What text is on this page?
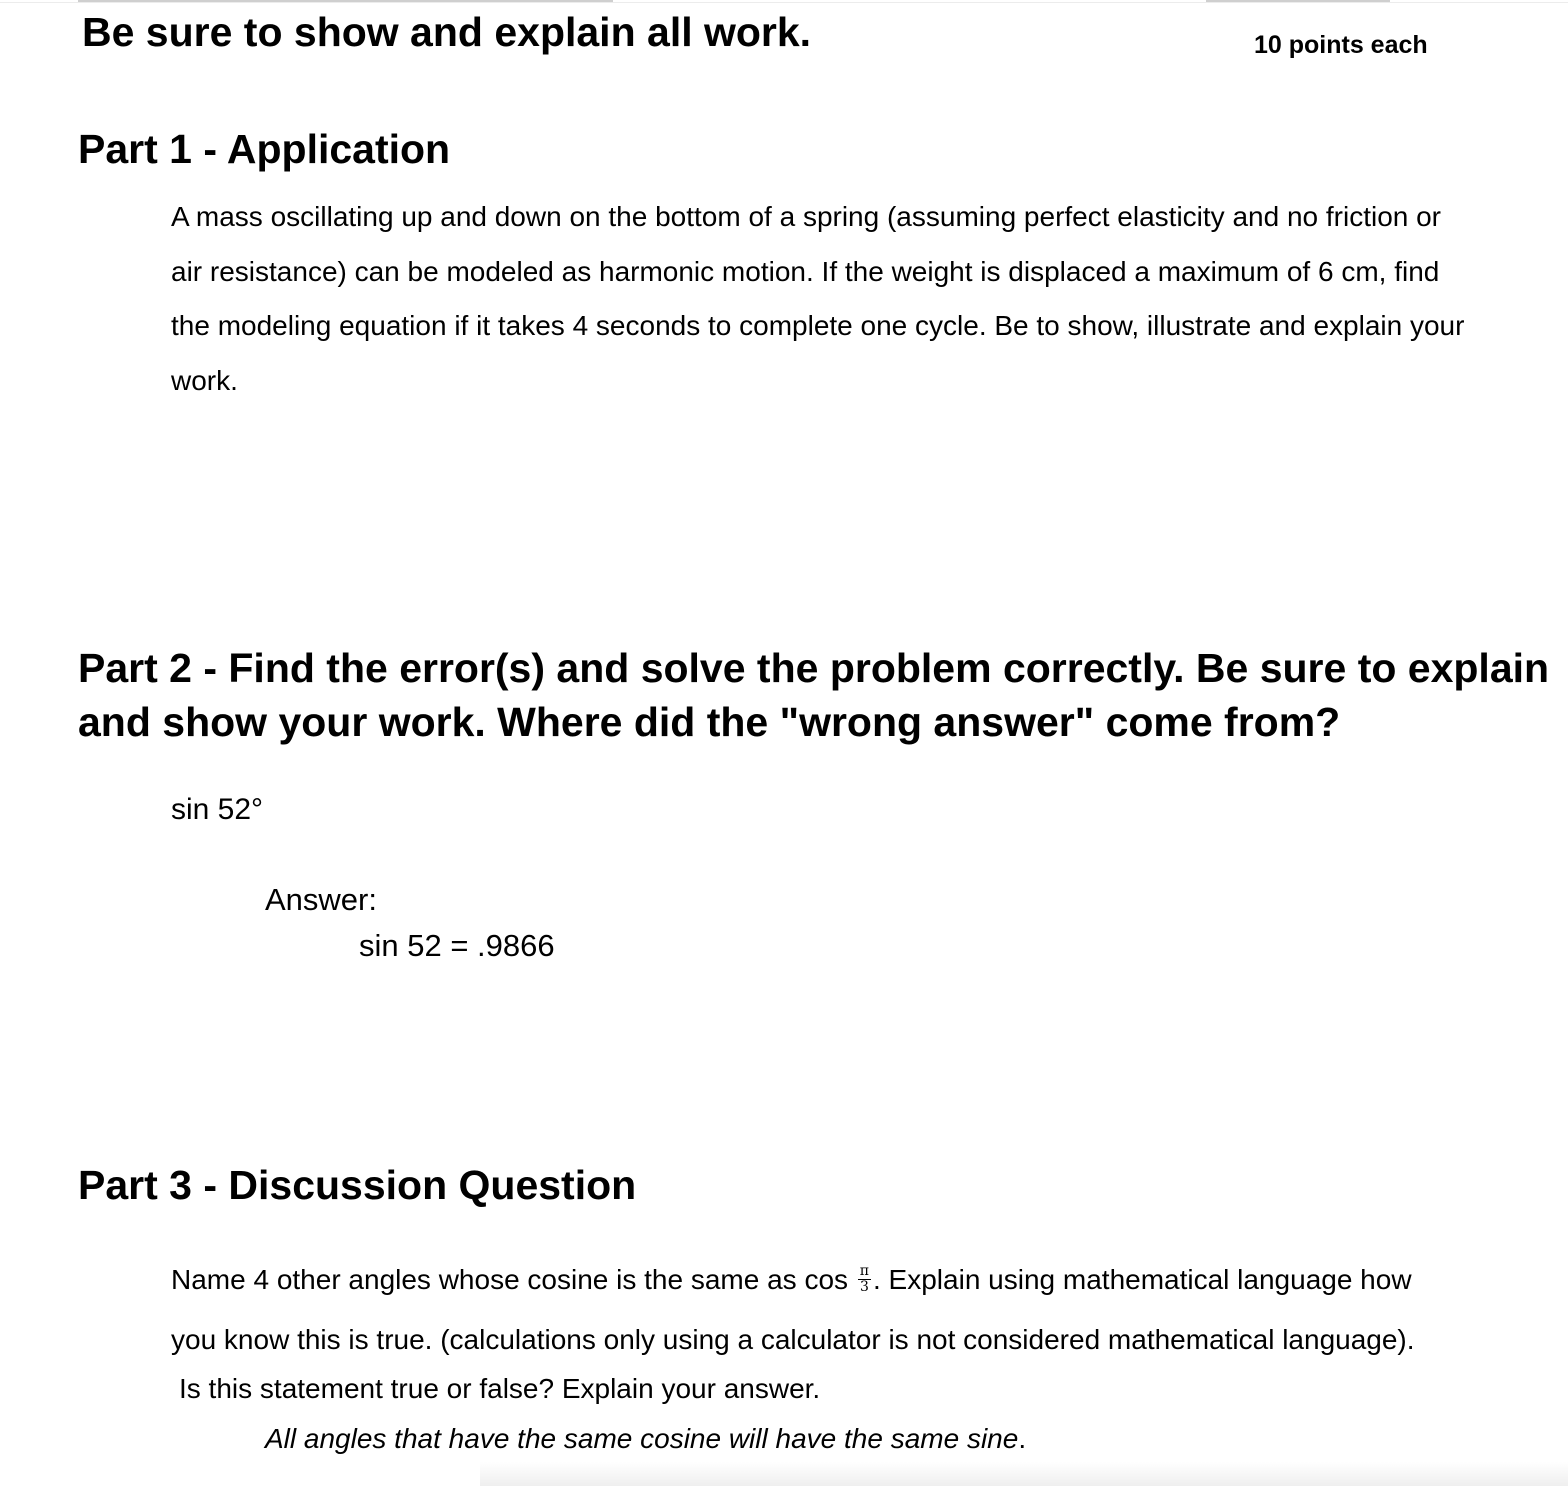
Be sure to show and explain all work.	10 points each
Part 1 - Application

A mass oscillating up and down on the bottom of a spring (assuming perfect elasticity and no friction or air resistance) can be modeled as harmonic motion. If the weight is displaced a maximum of 6 cm, find the modeling equation if it takes 4 seconds to complete one cycle. Be to show, illustrate and explain your work.

Part 2 - Find the error(s) and solve the problem correctly. Be sure to explain and show your work. Where did the "wrong answer" come from?
sin 52°
Answer:
sin 52 = .9866
Part 3 - Discussion Question
Name 4 other angles whose cosine is the same as $\cos \frac{\pi}{3}$ . Explain using mathematical language how
you know this is true. (calculations only using a calculator is not considered mathematical language).
Is this statement true or false? Explain your answer.
All angles that have the same cosine will have the same sine.
